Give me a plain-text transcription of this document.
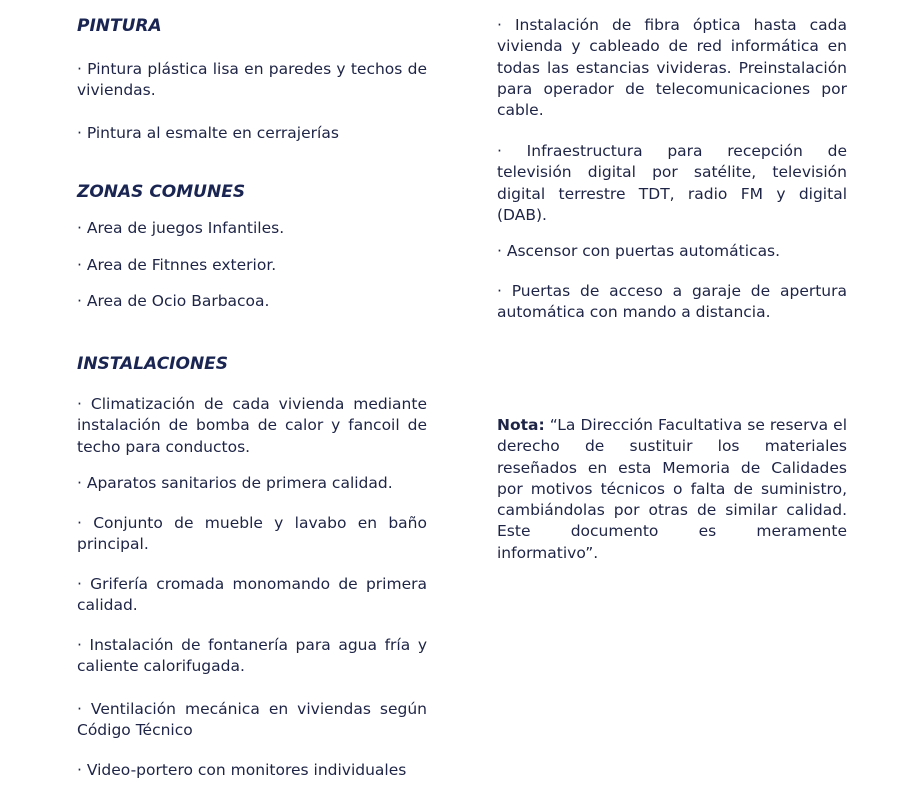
PINTURA

· Pintura plástica lisa en paredes y techos de viviendas.

· Pintura al esmalte en cerrajerías

ZONAS COMUNES

· Area de juegos Infantiles.

· Area de Fitnnes exterior.

· Area de Ocio Barbacoa.

INSTALACIONES

· Climatización de cada vivienda mediante instalación de bomba de calor y fancoil de techo para conductos.

· Aparatos sanitarios de primera calidad.

· Conjunto de mueble y lavabo en baño principal.

· Grifería cromada monomando de primera calidad.

· Instalación de fontanería para agua fría y caliente calorifugada.

· Ventilación mecánica en viviendas según Código Técnico

· Video-portero con monitores individuales

· Instalación de fibra óptica hasta cada vivienda y cableado de red informática en todas las estancias vivideras. Preinstalación para operador de telecomunicaciones por cable.

· Infraestructura para recepción de televisión digital por satélite, televisión digital terrestre TDT, radio FM y digital (DAB).

· Ascensor con puertas automáticas.

· Puertas de acceso a garaje de apertura automática con mando a distancia.

Nota: “La Dirección Facultativa se reserva el derecho de sustituir los materiales reseñados en esta Memoria de Calidades por motivos técnicos o falta de suministro, cambiándolas por otras de similar calidad. Este documento es meramente informativo”.
